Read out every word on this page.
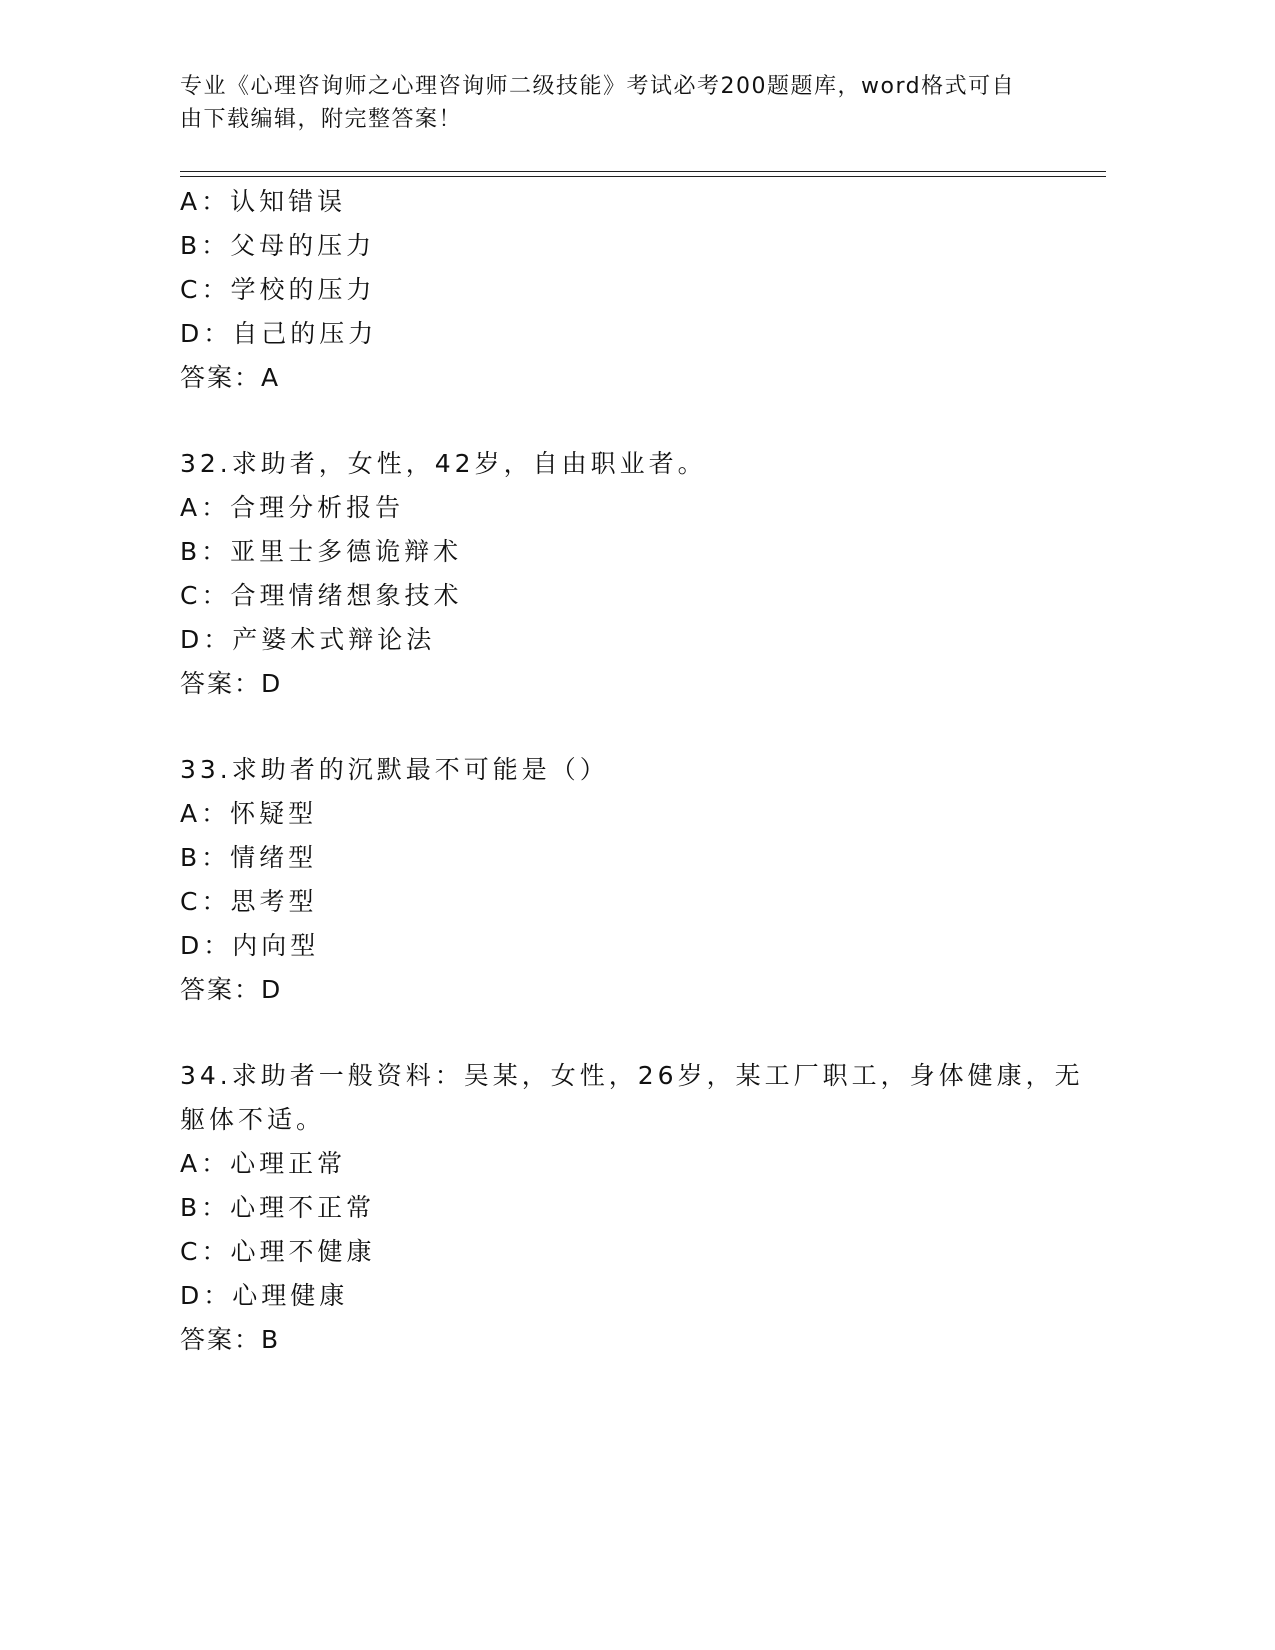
专业《心理咨询师之心理咨询师二级技能》考试必考200题题库，word格式可自
由下载编辑，附完整答案！
A：认知错误
B：父母的压力
C：学校的压力
D：自己的压力
答案：A
32.求助者，女性，42岁，自由职业者。
A：合理分析报告
B：亚里士多德诡辩术
C：合理情绪想象技术
D：产婆术式辩论法
答案：D
33.求助者的沉默最不可能是（）
A：怀疑型
B：情绪型
C：思考型
D：内向型
答案：D
34.求助者一般资料：吴某，女性，26岁，某工厂职工，身体健康，无
躯体不适。
A：心理正常
B：心理不正常
C：心理不健康
D：心理健康
答案：B
